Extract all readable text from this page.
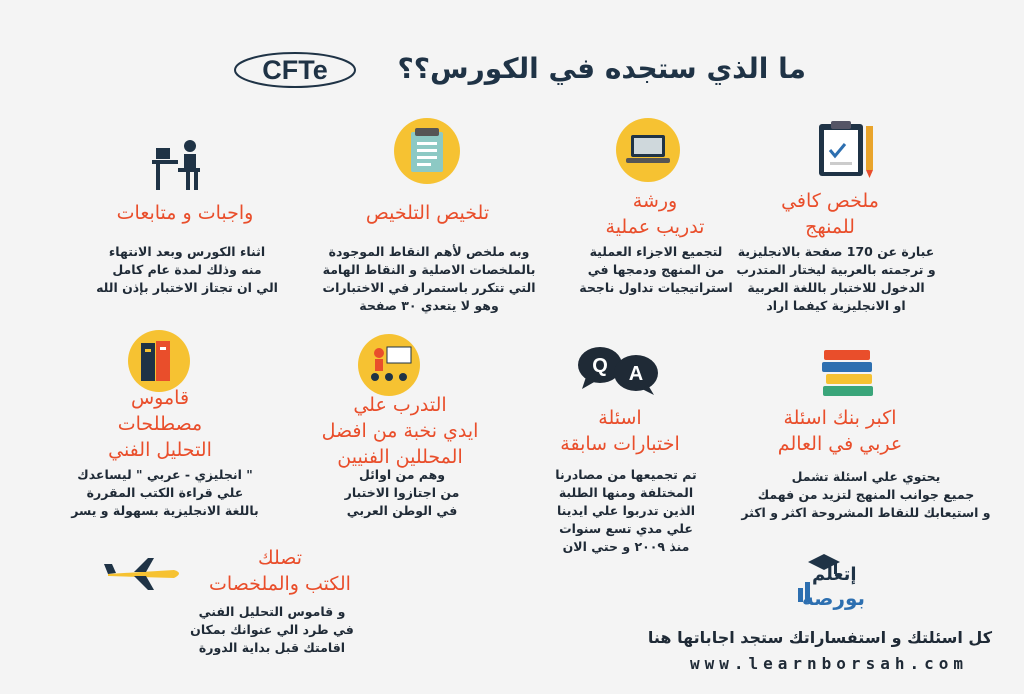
ما الذي ستجده في الكورس؟؟
CFTe
ملخص كافي
للمنهج
عبارة عن 170 صفحة بالانجليزية
و ترجمته بالعربية ليختار المتدرب
الدخول للاختبار باللغة العربية
او الانجليزية كيفما اراد
ورشة
تدريب عملية
لتجميع الاجزاء العملية
من المنهج ودمجها في
استراتيجيات تداول ناجحة
تلخيص التلخيص
وبه ملخص لأهم النقاط الموجودة
بالملخصات الاصلية و النقاط الهامة
التي تتكرر باستمرار في الاختبارات
وهو لا يتعدي ٣٠ صفحة
واجبات و متابعات
اثناء الكورس وبعد الانتهاء
منه وذلك لمدة عام كامل
الي ان تجتاز الاختبار بإذن الله
Q A
اكبر بنك اسئلة
عربي في العالم
يحتوي علي اسئلة تشمل
جميع جوانب المنهج لتزيد من فهمك
و استيعابك للنقاط المشروحة اكثر و اكثر
اسئلة
اختبارات سابقة
تم تجميعها من مصادرنا
المختلفة ومنها الطلبة
الذين تدربوا علي ايدينا
علي مدي تسع سنوات
منذ ٢٠٠٩ و حتي الان
التدرب علي
ايدي نخبة من افضل
المحللين الفنيين
وهم من اوائل
من اجتازوا الاختبار
في الوطن العربي
قاموس
مصطلحات
التحليل الفني
" انجليزي - عربي " ليساعدك
علي قراءة الكتب المقررة
باللغة الانجليزية بسهولة و يسر
تصلك
الكتب والملخصات
و قاموس التحليل الفني
في طرد الي عنوانك بمكان
اقامتك قبل بداية الدورة
إتعلم
بورصة
كل اسئلتك و استفساراتك ستجد اجاباتها هنا
www.learnborsah.com
